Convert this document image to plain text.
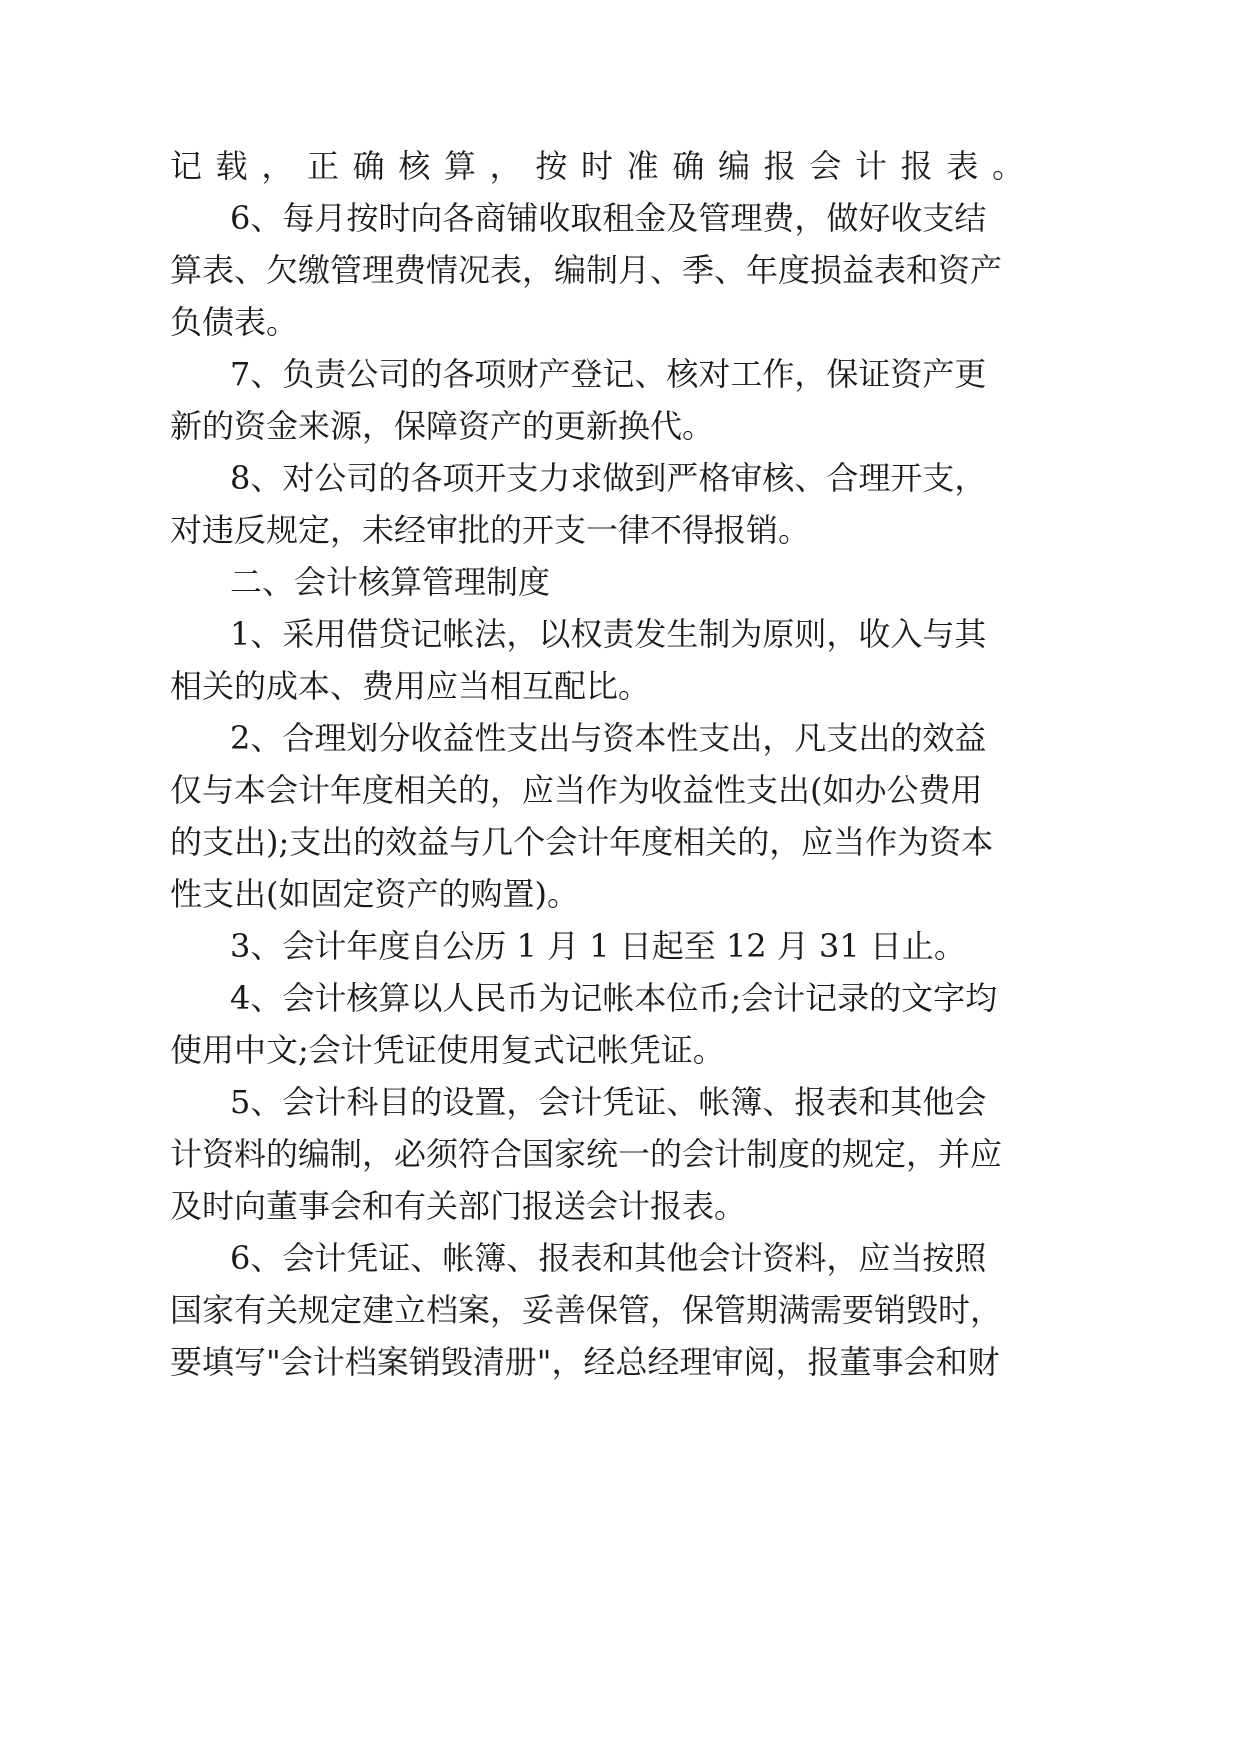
记载，正确核算，按时准确编报会计报表。
6、每月按时向各商铺收取租金及管理费，做好收支结
算表、欠缴管理费情况表，编制月、季、年度损益表和资产
负债表。
7、负责公司的各项财产登记、核对工作，保证资产更
新的资金来源，保障资产的更新换代。
8、对公司的各项开支力求做到严格审核、合理开支，
对违反规定，未经审批的开支一律不得报销。
二、会计核算管理制度
1、采用借贷记帐法，以权责发生制为原则，收入与其
相关的成本、费用应当相互配比。
2、合理划分收益性支出与资本性支出，凡支出的效益
仅与本会计年度相关的，应当作为收益性支出(如办公费用
的支出);支出的效益与几个会计年度相关的，应当作为资本
性支出(如固定资产的购置)。
3、会计年度自公历 1 月 1 日起至 12 月 31 日止。
4、会计核算以人民币为记帐本位币;会计记录的文字均
使用中文;会计凭证使用复式记帐凭证。
5、会计科目的设置，会计凭证、帐簿、报表和其他会
计资料的编制，必须符合国家统一的会计制度的规定，并应
及时向董事会和有关部门报送会计报表。
6、会计凭证、帐簿、报表和其他会计资料，应当按照
国家有关规定建立档案，妥善保管，保管期满需要销毁时，
要填写"会计档案销毁清册"，经总经理审阅，报董事会和财
